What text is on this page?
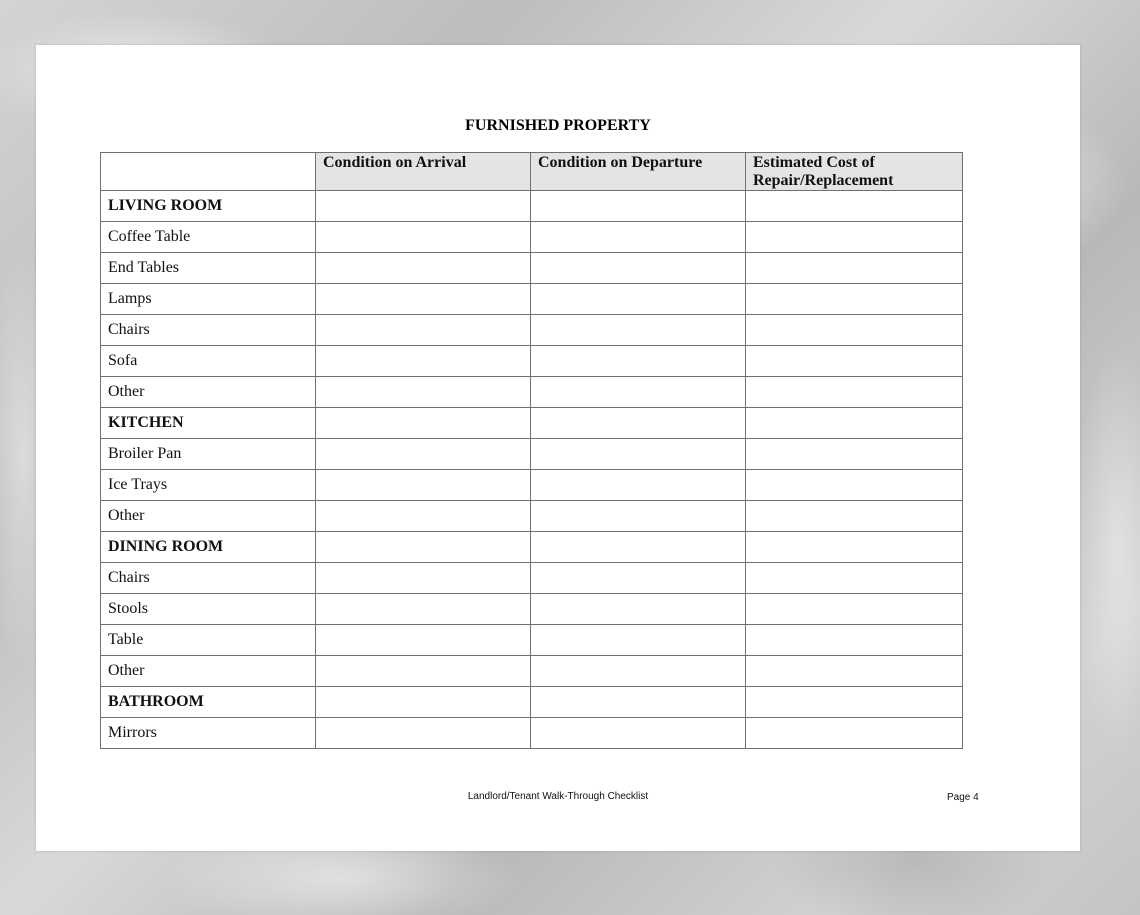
FURNISHED PROPERTY
	Condition on Arrival	Condition on Departure	Estimated Cost of Repair/Replacement
LIVING ROOM			
Coffee Table			
End Tables			
Lamps			
Chairs			
Sofa			
Other			
KITCHEN			
Broiler Pan			
Ice Trays			
Other			
DINING ROOM			
Chairs			
Stools			
Table			
Other			
BATHROOM			
Mirrors			
Landlord/Tenant Walk-Through Checklist	Page 4
